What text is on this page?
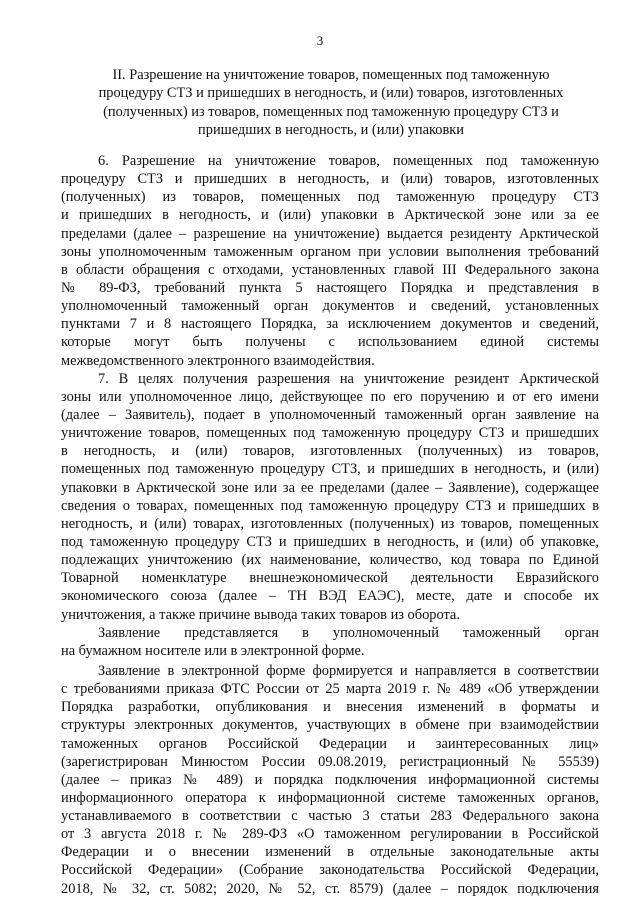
3
II. Разрешение на уничтожение товаров, помещенных под таможенную
процедуру СТЗ и пришедших в негодность, и (или) товаров, изготовленных
(полученных) из товаров, помещенных под таможенную процедуру СТЗ и
пришедших в негодность, и (или) упаковки
6. Разрешение на уничтожение товаров, помещенных под таможенную
процедуру СТЗ и пришедших в негодность, и (или) товаров, изготовленных
(полученных) из товаров, помещенных под таможенную процедуру СТЗ
и пришедших в негодность, и (или) упаковки в Арктической зоне или за ее
пределами (далее – разрешение на уничтожение) выдается резиденту Арктической
зоны уполномоченным таможенным органом при условии выполнения требований
в области обращения с отходами, установленных главой III Федерального закона
№ 89-ФЗ, требований пункта 5 настоящего Порядка и представления в
уполномоченный таможенный орган документов и сведений, установленных
пунктами 7 и 8 настоящего Порядка, за исключением документов и сведений,
которые могут быть получены с использованием единой системы
межведомственного электронного взаимодействия.
7. В целях получения разрешения на уничтожение резидент Арктической
зоны или уполномоченное лицо, действующее по его поручению и от его имени
(далее – Заявитель), подает в уполномоченный таможенный орган заявление на
уничтожение товаров, помещенных под таможенную процедуру СТЗ и пришедших
в негодность, и (или) товаров, изготовленных (полученных) из товаров,
помещенных под таможенную процедуру СТЗ, и пришедших в негодность, и (или)
упаковки в Арктической зоне или за ее пределами (далее – Заявление), содержащее
сведения о товарах, помещенных под таможенную процедуру СТЗ и пришедших в
негодность, и (или) товарах, изготовленных (полученных) из товаров, помещенных
под таможенную процедуру СТЗ и пришедших в негодность, и (или) об упаковке,
подлежащих уничтожению (их наименование, количество, код товара по Единой
Товарной номенклатуре внешнеэкономической деятельности Евразийского
экономического союза (далее – ТН ВЭД ЕАЭС), месте, дате и способе их
уничтожения, а также причине вывода таких товаров из оборота.
Заявление представляется в уполномоченный таможенный орган
на бумажном носителе или в электронной форме.
Заявление в электронной форме формируется и направляется в соответствии
с требованиями приказа ФТС России от 25 марта 2019 г. № 489 «Об утверждении
Порядка разработки, опубликования и внесения изменений в форматы и
структуры электронных документов, участвующих в обмене при взаимодействии
таможенных органов Российской Федерации и заинтересованных лиц»
(зарегистрирован Минюстом России 09.08.2019, регистрационный № 55539)
(далее – приказ № 489) и порядка подключения информационной системы
информационного оператора к информационной системе таможенных органов,
устанавливаемого в соответствии с частью 3 статьи 283 Федерального закона
от 3 августа 2018 г. № 289-ФЗ «О таможенном регулировании в Российской
Федерации и о внесении изменений в отдельные законодательные акты
Российской Федерации» (Собрание законодательства Российской Федерации,
2018, № 32, ст. 5082; 2020, № 52, ст. 8579) (далее – порядок подключения
